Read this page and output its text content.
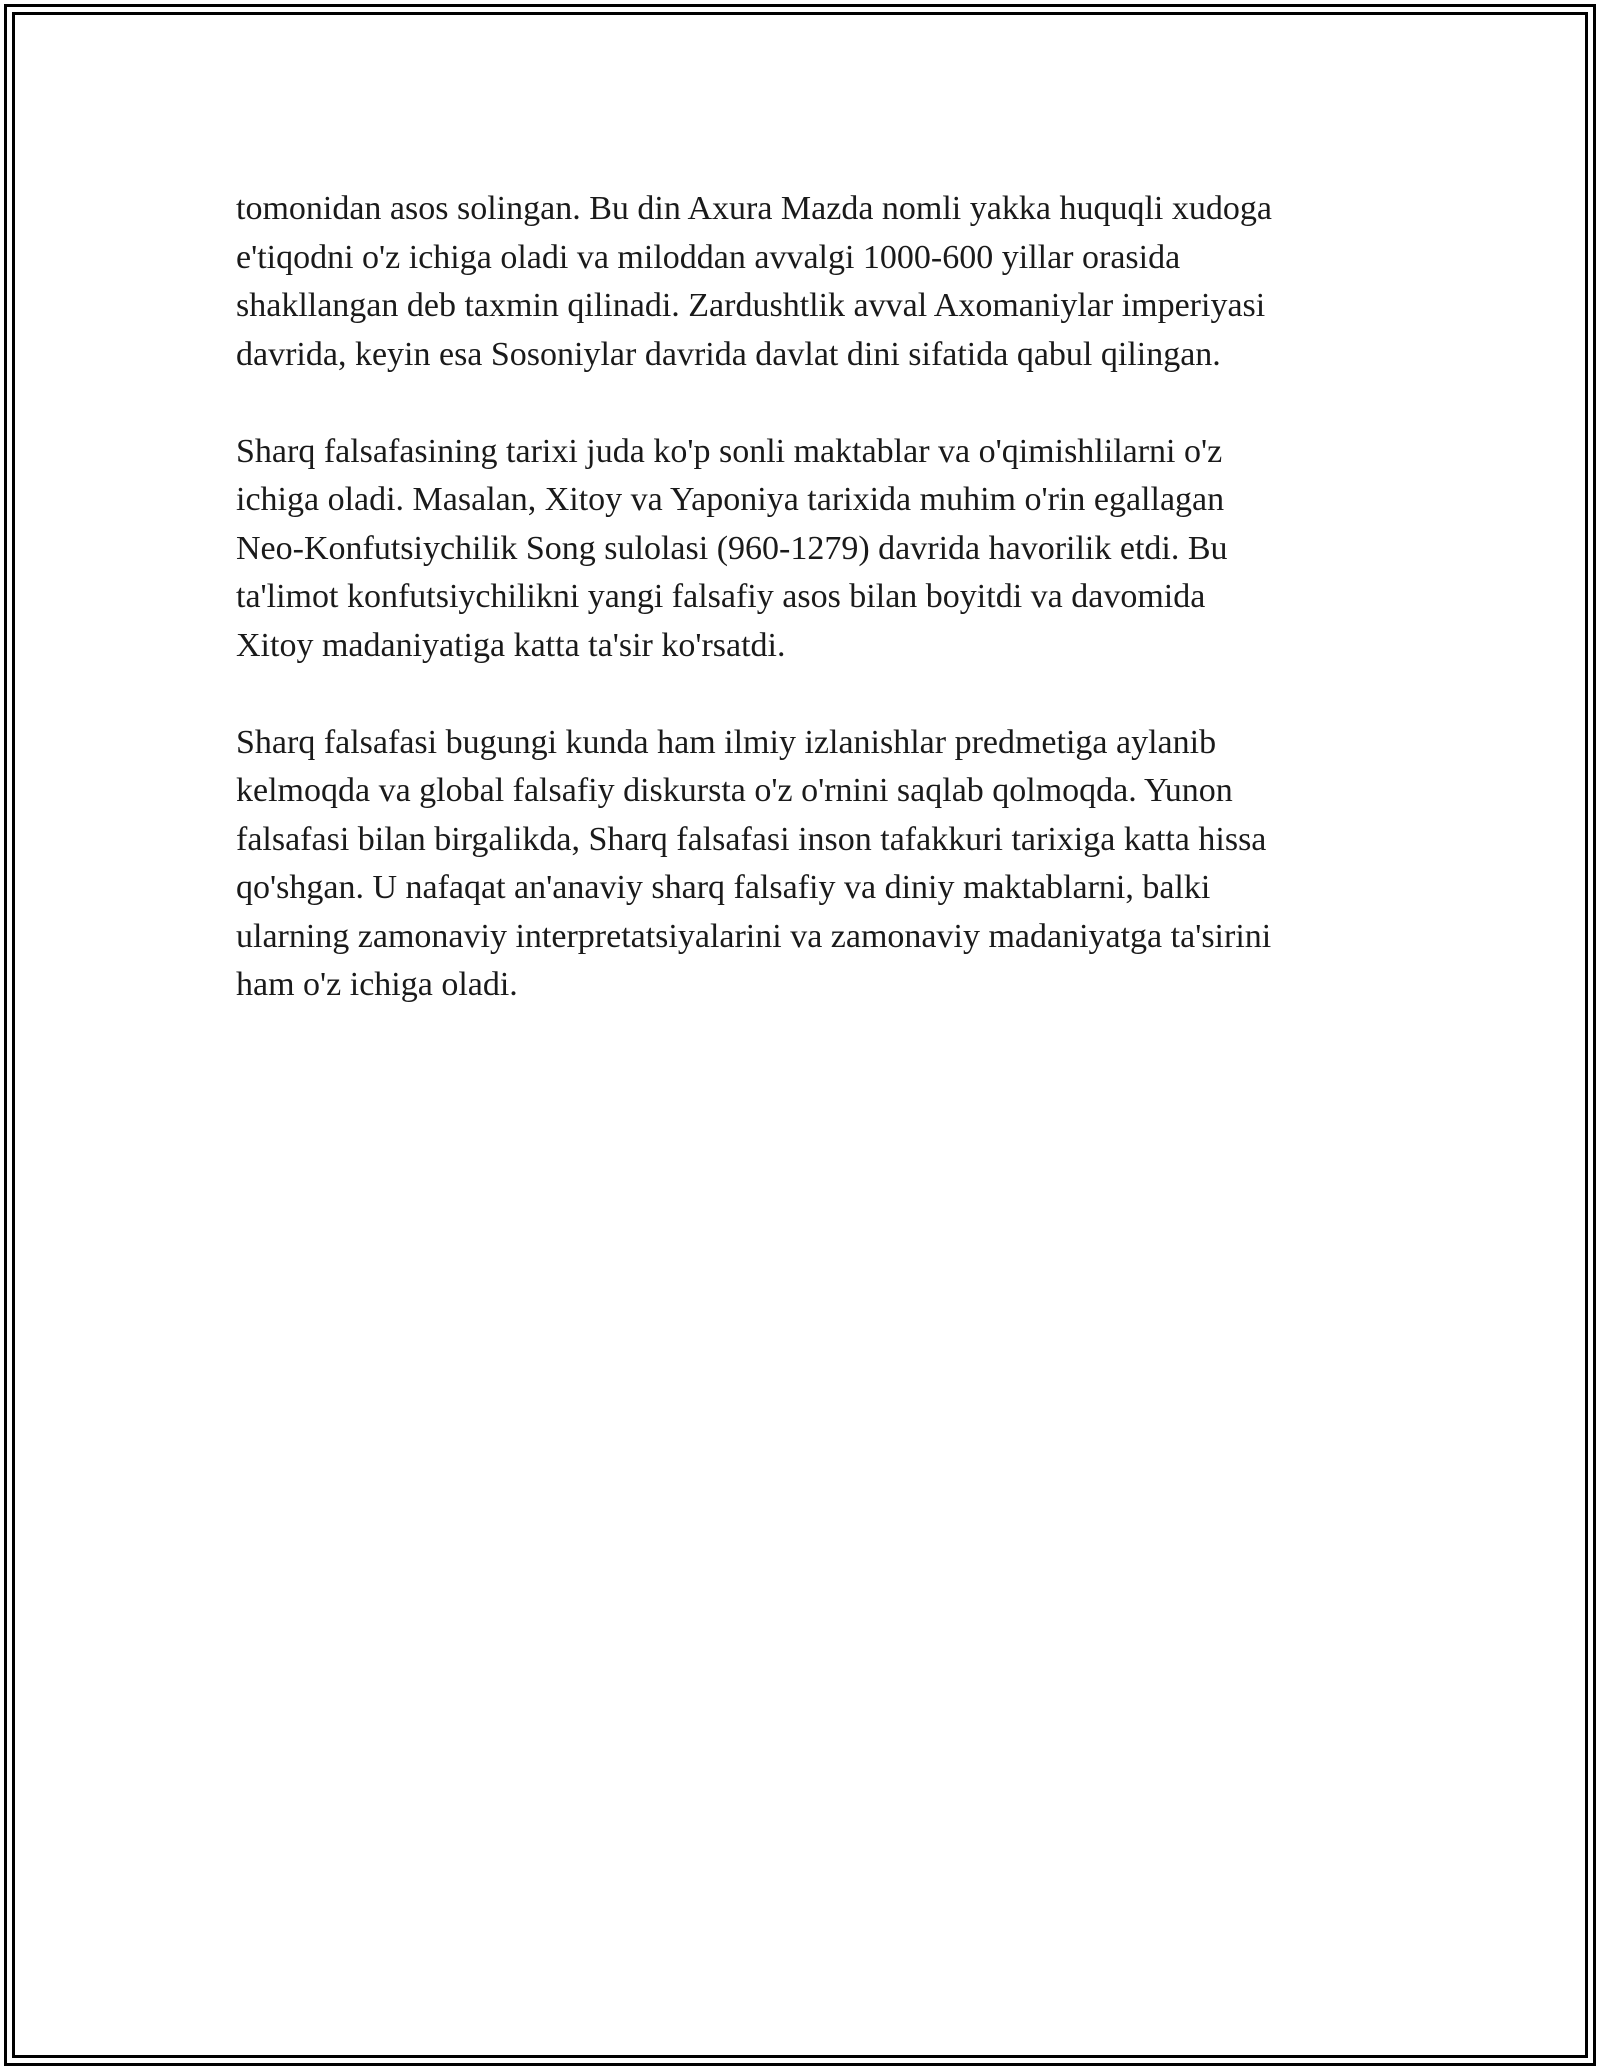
tomonidan asos solingan. Bu din Axura Mazda nomli yakka huquqli xudoga
e'tiqodni o'z ichiga oladi va miloddan avvalgi 1000-600 yillar orasida
shakllangan deb taxmin qilinadi. Zardushtlik avval Axomaniylar imperiyasi
davrida, keyin esa Sosoniylar davrida davlat dini sifatida qabul qilingan.

Sharq falsafasining tarixi juda ko'p sonli maktablar va o'qimishlilarni o'z
ichiga oladi. Masalan, Xitoy va Yaponiya tarixida muhim o'rin egallagan
Neo-Konfutsiychilik Song sulolasi (960-1279) davrida havorilik etdi. Bu
ta'limot konfutsiychilikni yangi falsafiy asos bilan boyitdi va davomida
Xitoy madaniyatiga katta ta'sir ko'rsatdi.

Sharq falsafasi bugungi kunda ham ilmiy izlanishlar predmetiga aylanib
kelmoqda va global falsafiy diskursta o'z o'rnini saqlab qolmoqda. Yunon
falsafasi bilan birgalikda, Sharq falsafasi inson tafakkuri tarixiga katta hissa
qo'shgan. U nafaqat an'anaviy sharq falsafiy va diniy maktablarni, balki
ularning zamonaviy interpretatsiyalarini va zamonaviy madaniyatga ta'sirini
ham o'z ichiga oladi.
